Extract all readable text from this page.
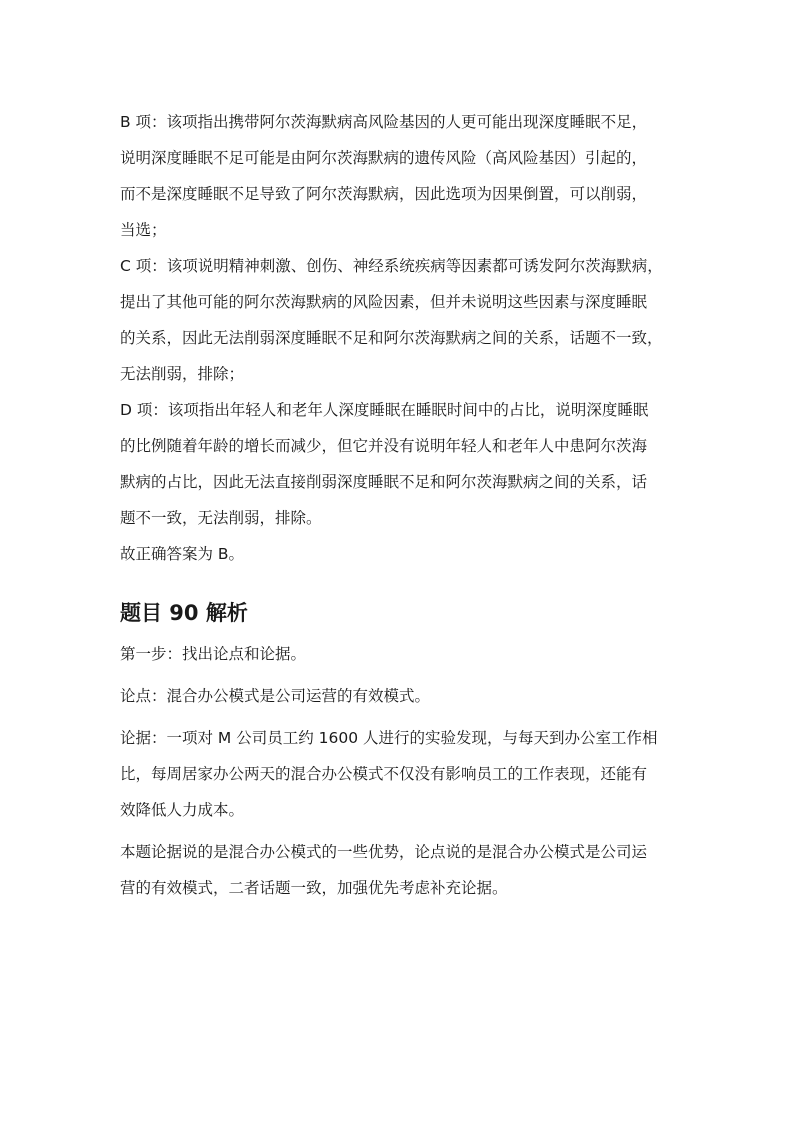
B 项：该项指出携带阿尔茨海默病高风险基因的人更可能出现深度睡眠不足，
说明深度睡眠不足可能是由阿尔茨海默病的遗传风险（高风险基因）引起的，
而不是深度睡眠不足导致了阿尔茨海默病，因此选项为因果倒置，可以削弱，
当选；
C 项：该项说明精神刺激、创伤、神经系统疾病等因素都可诱发阿尔茨海默病，
提出了其他可能的阿尔茨海默病的风险因素，但并未说明这些因素与深度睡眠
的关系，因此无法削弱深度睡眠不足和阿尔茨海默病之间的关系，话题不一致，
无法削弱，排除；
D 项：该项指出年轻人和老年人深度睡眠在睡眠时间中的占比，说明深度睡眠
的比例随着年龄的增长而减少，但它并没有说明年轻人和老年人中患阿尔茨海
默病的占比，因此无法直接削弱深度睡眠不足和阿尔茨海默病之间的关系，话
题不一致，无法削弱，排除。
故正确答案为 B。
题目 90 解析
第一步：找出论点和论据。
论点：混合办公模式是公司运营的有效模式。
论据：一项对 M 公司员工约 1600 人进行的实验发现，与每天到办公室工作相
比，每周居家办公两天的混合办公模式不仅没有影响员工的工作表现，还能有
效降低人力成本。
本题论据说的是混合办公模式的一些优势，论点说的是混合办公模式是公司运
营的有效模式，二者话题一致，加强优先考虑补充论据。
